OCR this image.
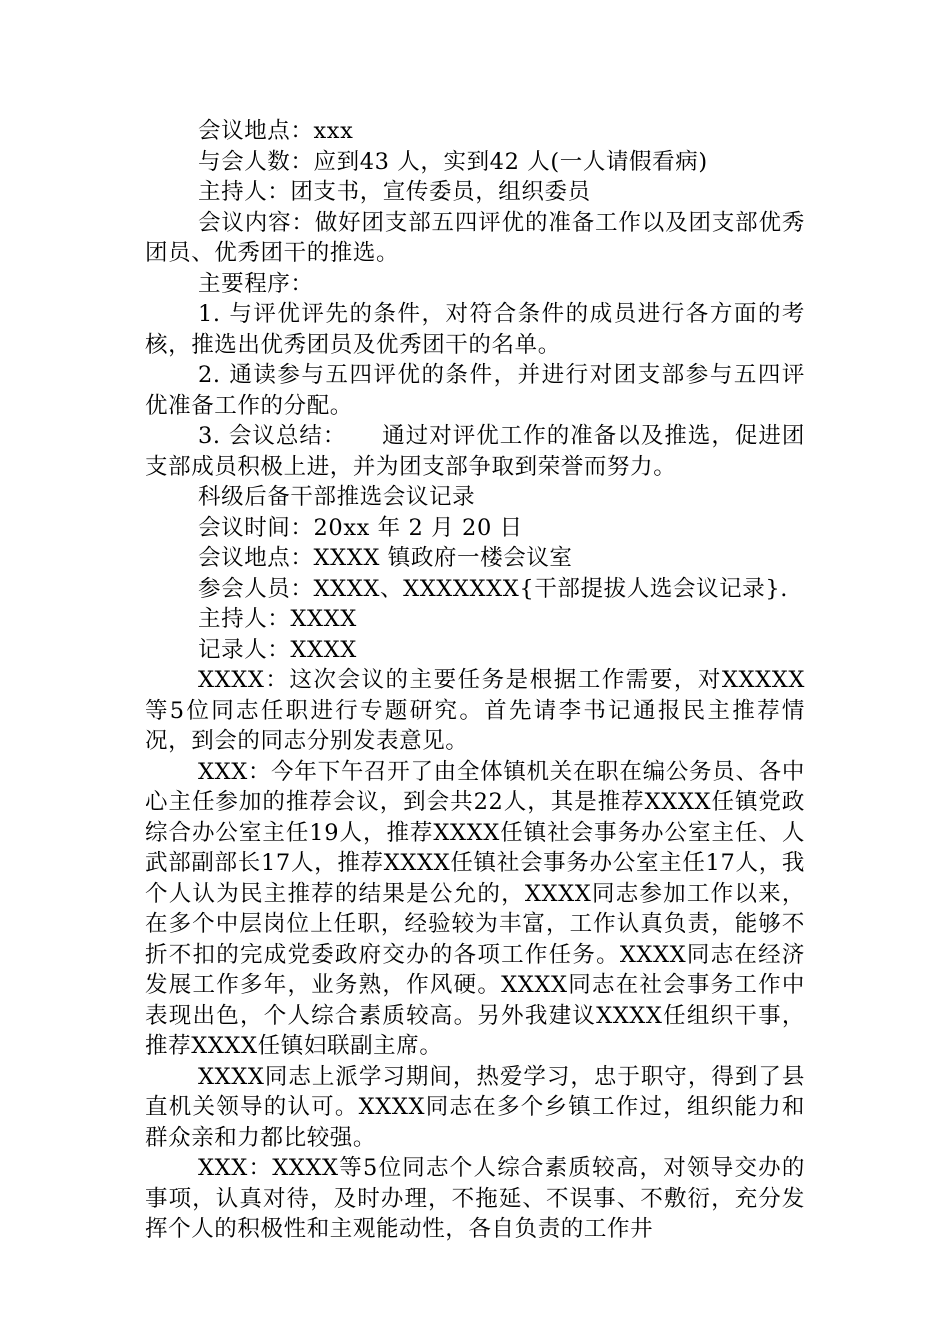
会议地点：xxx

与会人数：应到43 人，实到42 人(一人请假看病)

主持人：团支书，宣传委员，组织委员

会议内容：做好团支部五四评优的准备工作以及团支部优秀团员、优秀团干的推选。

主要程序：

1. 与评优评先的条件，对符合条件的成员进行各方面的考核，推选出优秀团员及优秀团干的名单。

2. 通读参与五四评优的条件，并进行对团支部参与五四评优准备工作的分配。

3. 会议总结：　　通过对评优工作的准备以及推选，促进团支部成员积极上进，并为团支部争取到荣誉而努力。

科级后备干部推选会议记录

会议时间：20xx 年 2 月 20 日

会议地点：XXXX 镇政府一楼会议室

参会人员：XXXX、XXXXXXX{干部提拔人选会议记录}.

主持人：XXXX

记录人：XXXX

XXXX：这次会议的主要任务是根据工作需要，对XXXXX等5位同志任职进行专题研究。首先请李书记通报民主推荐情况，到会的同志分别发表意见。

XXX：今年下午召开了由全体镇机关在职在编公务员、各中心主任参加的推荐会议，到会共22人，其是推荐XXXX任镇党政综合办公室主任19人，推荐XXXX任镇社会事务办公室主任、人武部副部长17人，推荐XXXX任镇社会事务办公室主任17人，我个人认为民主推荐的结果是公允的，XXXX同志参加工作以来，在多个中层岗位上任职，经验较为丰富，工作认真负责，能够不折不扣的完成党委政府交办的各项工作任务。XXXX同志在经济发展工作多年，业务熟，作风硬。XXXX同志在社会事务工作中表现出色，个人综合素质较高。另外我建议XXXX任组织干事，推荐XXXX任镇妇联副主席。

XXXX同志上派学习期间，热爱学习，忠于职守，得到了县直机关领导的认可。XXXX同志在多个乡镇工作过，组织能力和群众亲和力都比较强。

XXX：XXXX等5位同志个人综合素质较高，对领导交办的事项，认真对待，及时办理，不拖延、不误事、不敷衍，充分发挥个人的积极性和主观能动性，各自负责的工作井
